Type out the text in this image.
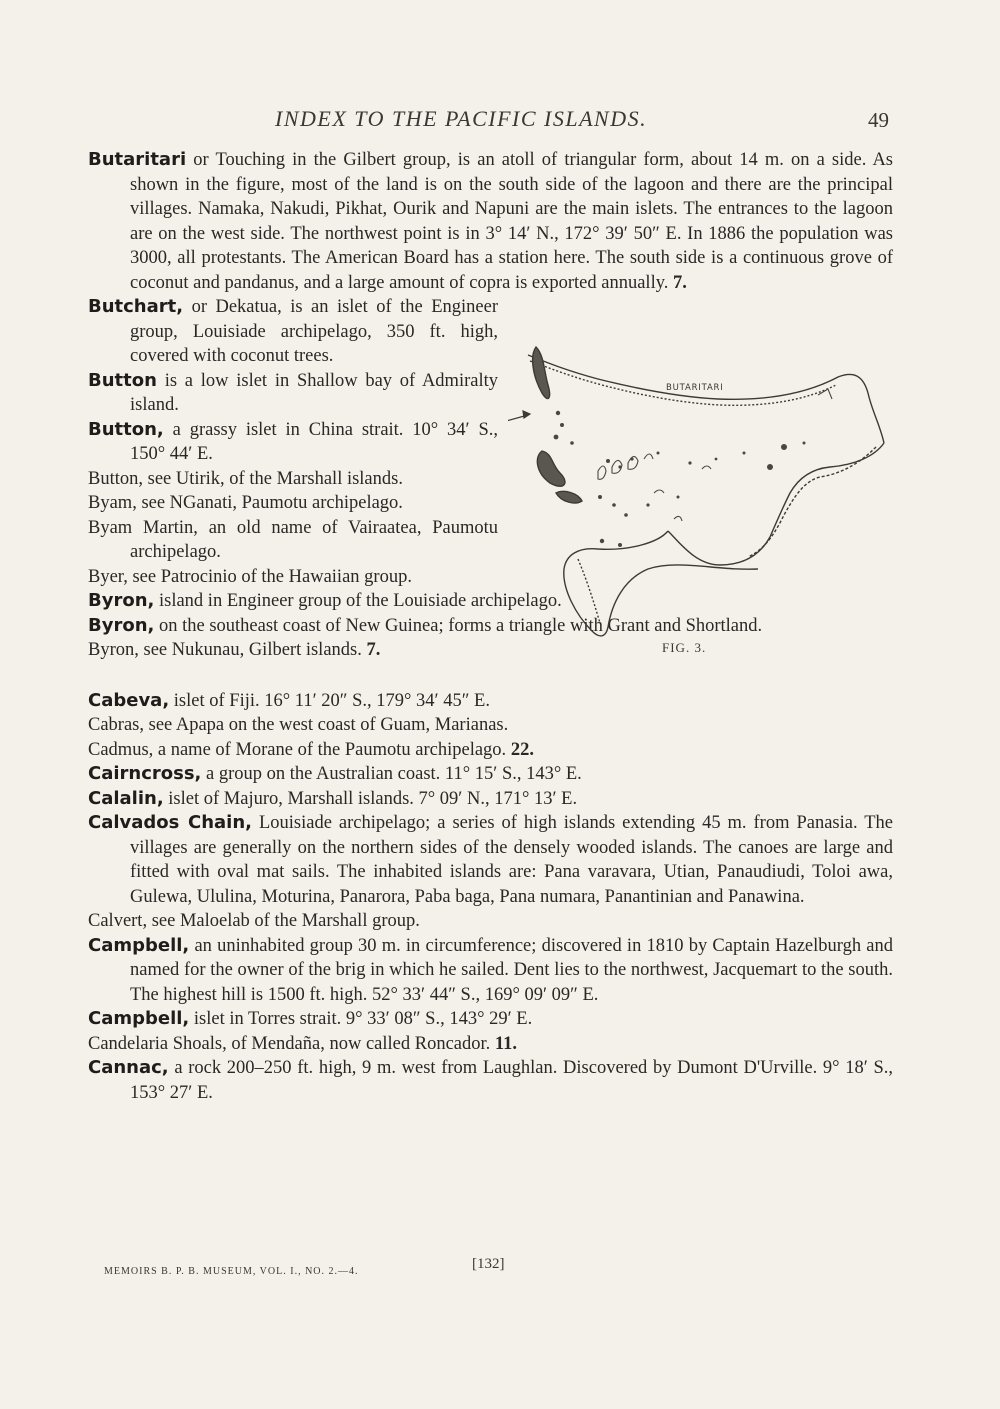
INDEX TO THE PACIFIC ISLANDS.	49

Butaritari or Touching in the Gilbert group, is an atoll of triangular form, about 14 m. on a side. As shown in the figure, most of the land is on the south side of the lagoon and there are the principal villages. Namaka, Nakudi, Pikhat, Ourik and Napuni are the main islets. The entrances to the lagoon are on the west side. The northwest point is in 3° 14′ N., 172° 39′ 50″ E. In 1886 the population was 3000, all protestants. The American Board has a station here. The south side is a continuous grove of coconut and pandanus, and a large amount of copra is exported annually. 7.

Butchart, or Dekatua, is an islet of the Engineer group, Louisiade archipelago, 350 ft. high, covered with coconut trees.

Button is a low islet in Shallow bay of Admiralty island.

Button, a grassy islet in China strait. 10° 34′ S., 150° 44′ E.

Button, see Utirik, of the Marshall islands.

Byam, see NGanati, Paumotu archipelago.

Byam Martin, an old name of Vairaatea, Paumotu archipelago.

Byer, see Patrocinio of the Hawaiian group.

Byron, island in Engineer group of the Louisiade archipelago.

Byron, on the southeast coast of New Guinea; forms a triangle with Grant and Shortland.

Byron, see Nukunau, Gilbert islands. 7.

Cabeva, islet of Fiji. 16° 11′ 20″ S., 179° 34′ 45″ E.

Cabras, see Apapa on the west coast of Guam, Marianas.

Cadmus, a name of Morane of the Paumotu archipelago. 22.

Cairncross, a group on the Australian coast. 11° 15′ S., 143° E.

Calalin, islet of Majuro, Marshall islands. 7° 09′ N., 171° 13′ E.

Calvados Chain, Louisiade archipelago; a series of high islands extending 45 m. from Panasia. The villages are generally on the northern sides of the densely wooded islands. The canoes are large and fitted with oval mat sails. The inhabited islands are: Pana varavara, Utian, Panaudiudi, Toloi awa, Gulewa, Ululina, Moturina, Panarora, Paba baga, Pana numara, Panantinian and Panawina.

Calvert, see Maloelab of the Marshall group.

Campbell, an uninhabited group 30 m. in circumference; discovered in 1810 by Captain Hazelburgh and named for the owner of the brig in which he sailed. Dent lies to the northwest, Jacquemart to the south. The highest hill is 1500 ft. high. 52° 33′ 44″ S., 169° 09′ 09″ E.

Campbell, islet in Torres strait. 9° 33′ 08″ S., 143° 29′ E.

Candelaria Shoals, of Mendaña, now called Roncador. 11.

Cannac, a rock 200–250 ft. high, 9 m. west from Laughlan. Discovered by Dumont D'Urville. 9° 18′ S., 153° 27′ E.

BUTARITARI
FIG. 3.
MEMOIRS B. P. B. MUSEUM, VOL. I., NO. 2.—4.	[132]
